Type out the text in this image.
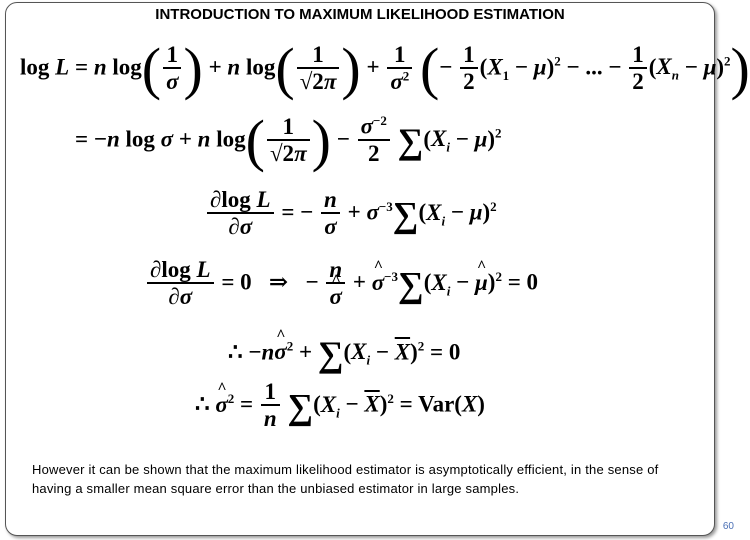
INTRODUCTION TO MAXIMUM LIKELIHOOD ESTIMATION
log L = n $\log( \frac{1}{\sigma}$ ) + n $\log( \frac{1}{√2\pi}$ ) + $\frac{1}{\sigma^2}$ (− $\frac{1}{2} (X_1 - \mu)^2$ − ... − $\frac{1}{2} (X_n - \mu)^2$)
= −n log σ + n $\log( \frac{1}{√2\pi}$ ) − $\frac{\sigma^{-2}}{2} \sum(X_i - \mu)^2$
$\frac{\text{∂log L}}{\partial\sigma}$ = − $\frac{n}{\sigma} + \sigma^{-3}\sum(X_i - \mu)^2$
$\frac{\text{∂log L}}{\partial\sigma} = 0$   ⇒   − n
^ σ + ^ $\sigma^{-3}\sum(X_i$ − ^ μ)$^2$ = 0
∴ −n^ $\sigma^2 + \sum(X_i - \overline{X})^2 = 0$
∴ ^ $\sigma^2 = \frac{1}{n} \sum(X_i - \overline{X})^2 = Var(X)$
However it can be shown that the maximum likelihood estimator is asymptotically efficient, in the sense of having a smaller mean square error than the unbiased estimator in large samples.
60
